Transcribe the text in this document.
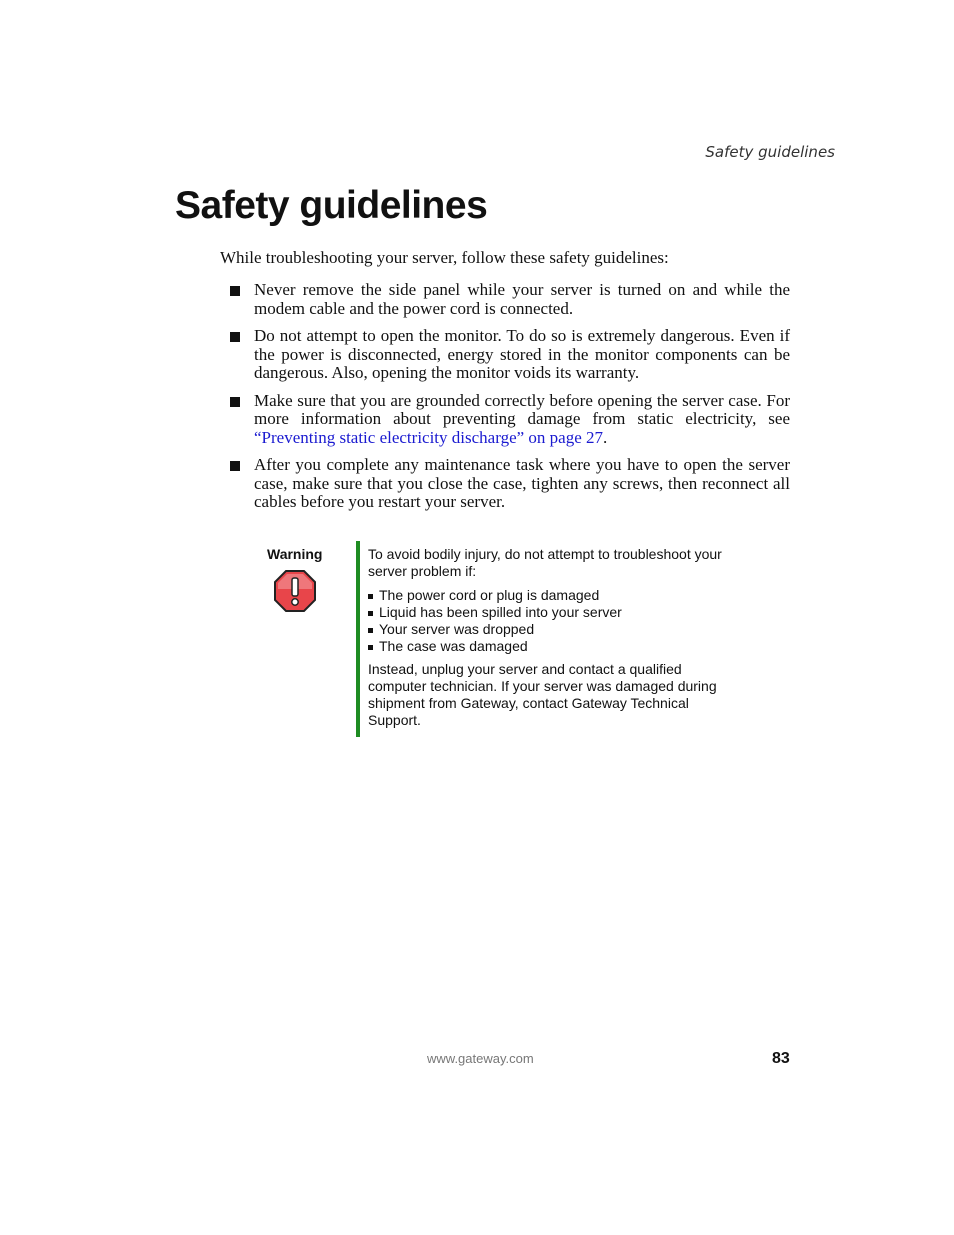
Safety guidelines
Safety guidelines

While troubleshooting your server, follow these safety guidelines:

Never remove the side panel while your server is turned on and while the modem cable and the power cord is connected.
Do not attempt to open the monitor. To do so is extremely dangerous. Even if the power is disconnected, energy stored in the monitor components can be dangerous. Also, opening the monitor voids its warranty.
Make sure that you are grounded correctly before opening the server case. For more information about preventing damage from static electricity, see “Preventing static electricity discharge” on page 27.
After you complete any maintenance task where you have to open the server case, make sure that you close the case, tighten any screws, then reconnect all cables before you restart your server.
Warning	To avoid bodily injury, do not attempt to troubleshoot your server problem if:

The power cord or plug is damaged
Liquid has been spilled into your server
Your server was dropped
The case was damaged

Instead, unplug your server and contact a qualified computer technician. If your server was damaged during shipment from Gateway, contact Gateway Technical Support.

www.gateway.com	83
